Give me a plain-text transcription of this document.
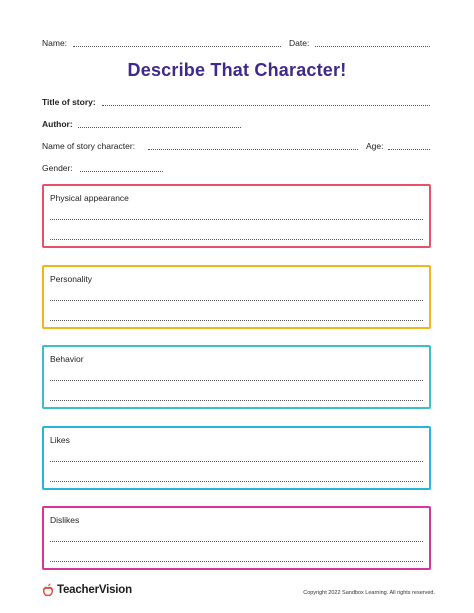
Name:	Date:
Describe That Character!
Title of story:
Author:
Name of story character:	Age:
Gender:
Physical appearance
Personality
Behavior
Likes
Dislikes
TeacherVision	Copyright 2022 Sandbox Learning. All rights reserved.
